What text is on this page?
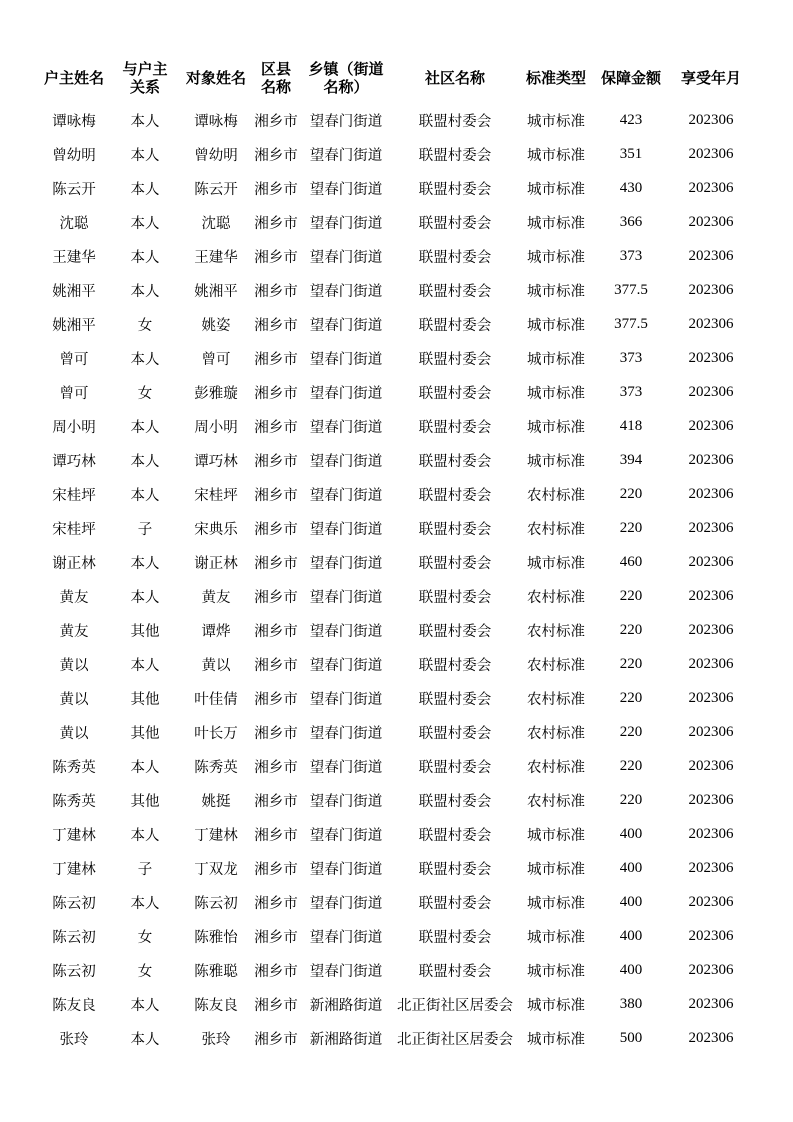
户主姓名	与户主关系	对象姓名	区县名称	乡镇（街道名称）	社区名称	标准类型	保障金额	享受年月
谭咏梅	本人	谭咏梅	湘乡市	望春门街道	联盟村委会	城市标准	423	202306
曾幼明	本人	曾幼明	湘乡市	望春门街道	联盟村委会	城市标准	351	202306
陈云开	本人	陈云开	湘乡市	望春门街道	联盟村委会	城市标准	430	202306
沈聪	本人	沈聪	湘乡市	望春门街道	联盟村委会	城市标准	366	202306
王建华	本人	王建华	湘乡市	望春门街道	联盟村委会	城市标准	373	202306
姚湘平	本人	姚湘平	湘乡市	望春门街道	联盟村委会	城市标准	377.5	202306
姚湘平	女	姚姿	湘乡市	望春门街道	联盟村委会	城市标准	377.5	202306
曾可	本人	曾可	湘乡市	望春门街道	联盟村委会	城市标准	373	202306
曾可	女	彭雅璇	湘乡市	望春门街道	联盟村委会	城市标准	373	202306
周小明	本人	周小明	湘乡市	望春门街道	联盟村委会	城市标准	418	202306
谭巧林	本人	谭巧林	湘乡市	望春门街道	联盟村委会	城市标准	394	202306
宋桂坪	本人	宋桂坪	湘乡市	望春门街道	联盟村委会	农村标准	220	202306
宋桂坪	子	宋典乐	湘乡市	望春门街道	联盟村委会	农村标准	220	202306
谢正林	本人	谢正林	湘乡市	望春门街道	联盟村委会	城市标准	460	202306
黄友	本人	黄友	湘乡市	望春门街道	联盟村委会	农村标准	220	202306
黄友	其他	谭烨	湘乡市	望春门街道	联盟村委会	农村标准	220	202306
黄以	本人	黄以	湘乡市	望春门街道	联盟村委会	农村标准	220	202306
黄以	其他	叶佳倩	湘乡市	望春门街道	联盟村委会	农村标准	220	202306
黄以	其他	叶长万	湘乡市	望春门街道	联盟村委会	农村标准	220	202306
陈秀英	本人	陈秀英	湘乡市	望春门街道	联盟村委会	农村标准	220	202306
陈秀英	其他	姚挺	湘乡市	望春门街道	联盟村委会	农村标准	220	202306
丁建林	本人	丁建林	湘乡市	望春门街道	联盟村委会	城市标准	400	202306
丁建林	子	丁双龙	湘乡市	望春门街道	联盟村委会	城市标准	400	202306
陈云初	本人	陈云初	湘乡市	望春门街道	联盟村委会	城市标准	400	202306
陈云初	女	陈雅怡	湘乡市	望春门街道	联盟村委会	城市标准	400	202306
陈云初	女	陈雅聪	湘乡市	望春门街道	联盟村委会	城市标准	400	202306
陈友良	本人	陈友良	湘乡市	新湘路街道	北正街社区居委会	城市标准	380	202306
张玲	本人	张玲	湘乡市	新湘路街道	北正街社区居委会	城市标准	500	202306
